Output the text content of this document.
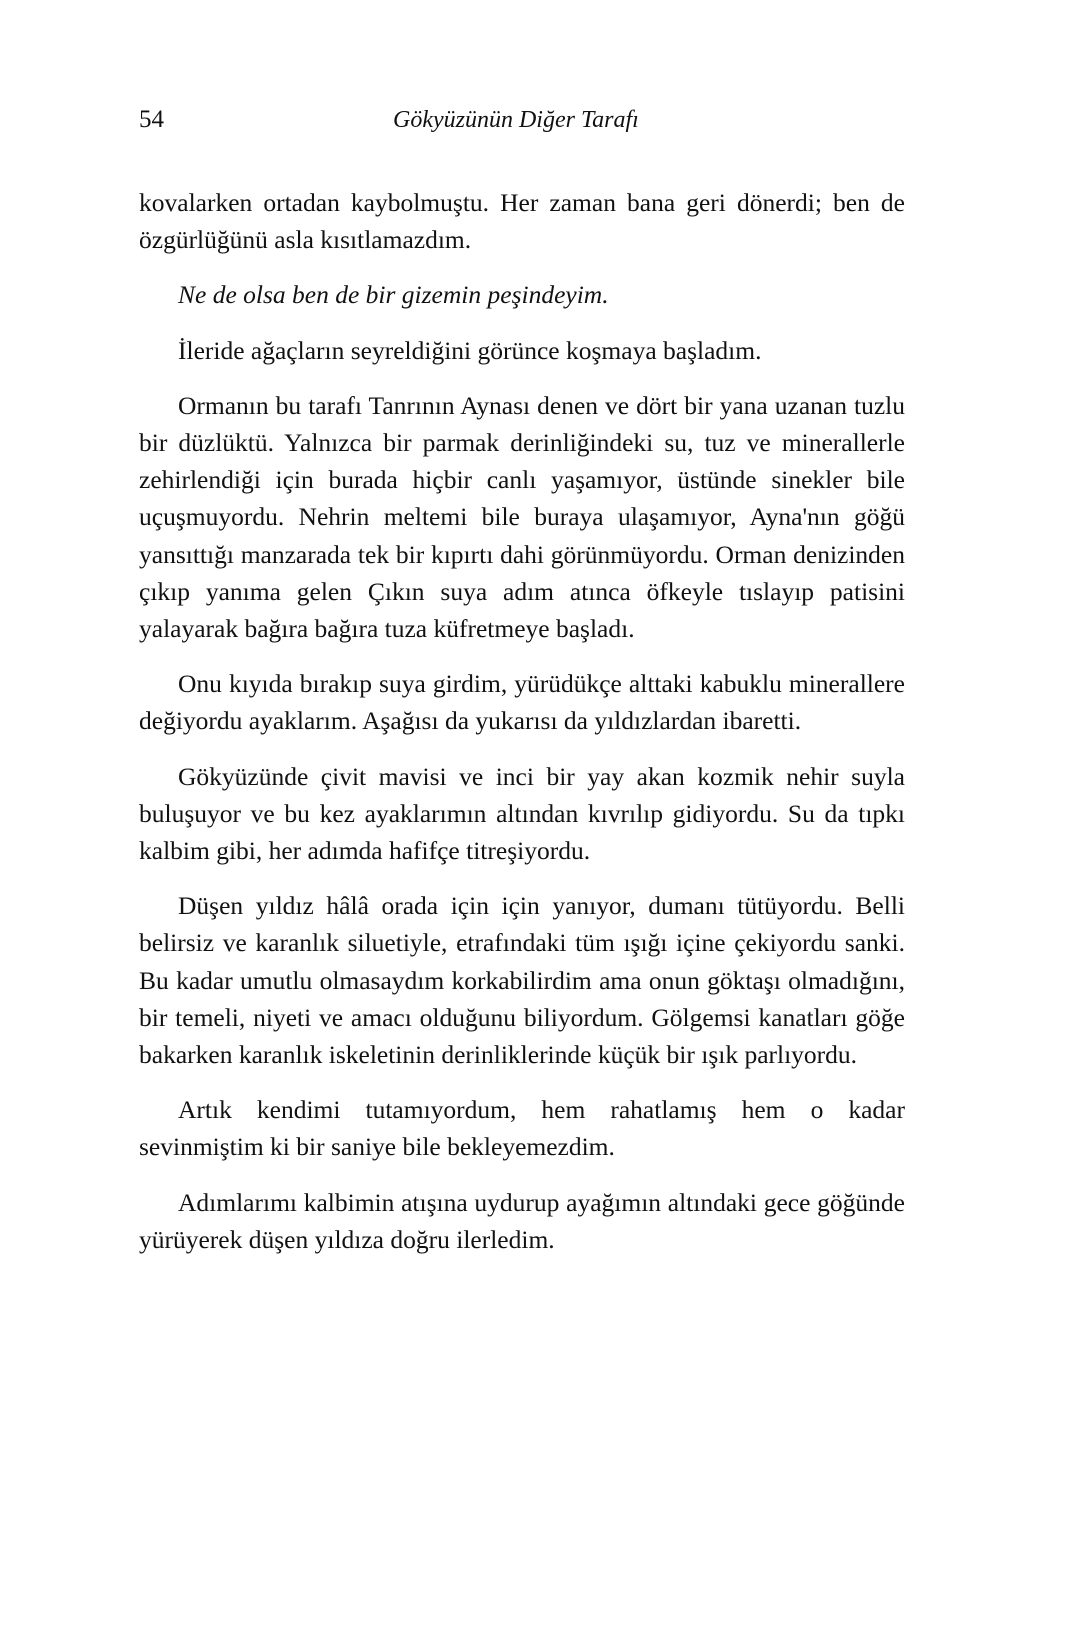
54	Gökyüzünün Diğer Tarafı

kovalarken ortadan kaybolmuştu. Her zaman bana geri dönerdi; ben de özgürlüğünü asla kısıtlamazdım.

Ne de olsa ben de bir gizemin peşindeyim.

İleride ağaçların seyreldiğini görünce koşmaya başladım.

Ormanın bu tarafı Tanrının Aynası denen ve dört bir yana uzanan tuzlu bir düzlüktü. Yalnızca bir parmak derinliğindeki su, tuz ve minerallerle zehirlendiği için burada hiçbir canlı yaşamıyor, üstünde sinekler bile uçuşmuyordu. Nehrin meltemi bile buraya ulaşamıyor, Ayna'nın göğü yansıttığı manzarada tek bir kıpırtı dahi görünmüyordu. Orman denizinden çıkıp yanıma gelen Çıkın suya adım atınca öfkeyle tıslayıp patisini yalayarak bağıra bağıra tuza küfretmeye başladı.

Onu kıyıda bırakıp suya girdim, yürüdükçe alttaki kabuklu minerallere değiyordu ayaklarım. Aşağısı da yukarısı da yıldızlardan ibaretti.

Gökyüzünde çivit mavisi ve inci bir yay akan kozmik nehir suyla buluşuyor ve bu kez ayaklarımın altından kıvrılıp gidiyordu. Su da tıpkı kalbim gibi, her adımda hafifçe titreşiyordu.

Düşen yıldız hâlâ orada için için yanıyor, dumanı tütüyordu. Belli belirsiz ve karanlık siluetiyle, etrafındaki tüm ışığı içine çekiyordu sanki. Bu kadar umutlu olmasaydım korkabilirdim ama onun göktaşı olmadığını, bir temeli, niyeti ve amacı olduğunu biliyordum. Gölgemsi kanatları göğe bakarken karanlık iskeletinin derinliklerinde küçük bir ışık parlıyordu.

Artık kendimi tutamıyordum, hem rahatlamış hem o kadar sevinmiştim ki bir saniye bile bekleyemezdim.

Adımlarımı kalbimin atışına uydurup ayağımın altındaki gece göğünde yürüyerek düşen yıldıza doğru ilerledim.
